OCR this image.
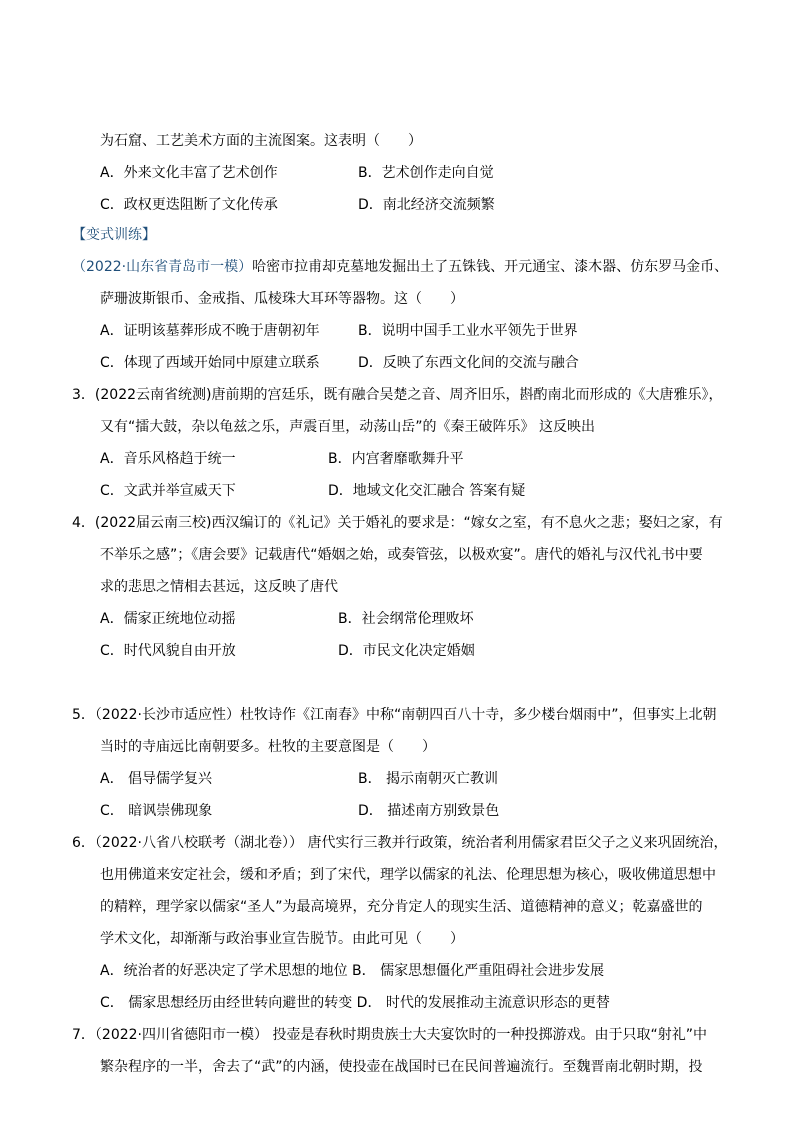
为石窟、工艺美术方面的主流图案。这表明（　　）
A．外来文化丰富了艺术创作	B．艺术创作走向自觉
C．政权更迭阻断了文化传承	D．南北经济交流频繁
【变式训练】
（2022·山东省青岛市一模）哈密市拉甫却克墓地发掘出土了五铢钱、开元通宝、漆木器、仿东罗马金币、
萨珊波斯银币、金戒指、瓜棱珠大耳环等器物。这（　　）
A．证明该墓葬形成不晚于唐朝初年	B．说明中国手工业水平领先于世界
C．体现了西域开始同中原建立联系	D．反映了东西文化间的交流与融合
3．(2022云南省统测)唐前期的宫廷乐，既有融合吴楚之音、周齐旧乐，斟酌南北而形成的《大唐雅乐》，
又有“擂大鼓，杂以龟兹之乐，声震百里，动荡山岳”的《秦王破阵乐》 这反映出
A．音乐风格趋于统一	B．内宫奢靡歌舞升平
C．文武并举宣威天下	D．地域文化交汇融合 答案有疑
4．(2022届云南三校)西汉编订的《礼记》关于婚礼的要求是：“嫁女之室，有不息火之悲；娶妇之家，有
不举乐之感”；《唐会要》记载唐代“婚姻之始，或奏管弦，以极欢宴”。唐代的婚礼与汉代礼书中要
求的悲思之情相去甚远，这反映了唐代
A．儒家正统地位动摇	B．社会纲常伦理败坏
C．时代风貌自由开放	D．市民文化决定婚姻
5．（2022·长沙市适应性）杜牧诗作《江南春》中称“南朝四百八十寺，多少楼台烟雨中”，但事实上北朝
当时的寺庙远比南朝要多。杜牧的主要意图是（　　）
A． 倡导儒学复兴	B． 揭示南朝灭亡教训
C． 暗讽崇佛现象	D． 描述南方别致景色
6．（2022·八省八校联考（湖北卷）） 唐代实行三教并行政策，统治者利用儒家君臣父子之义来巩固统治，
也用佛道来安定社会，缓和矛盾；到了宋代，理学以儒家的礼法、伦理思想为核心，吸收佛道思想中
的精粹，理学家以儒家“圣人”为最高境界，充分肯定人的现实生活、道德精神的意义；乾嘉盛世的
学术文化，却渐渐与政治事业宣告脱节。由此可见（　　）
A．统治者的好恶决定了学术思想的地位 B． 儒家思想僵化严重阻碍社会进步发展
C． 儒家思想经历由经世转向避世的转变 D． 时代的发展推动主流意识形态的更替
7．（2022·四川省德阳市一模） 投壶是春秋时期贵族士大夫宴饮时的一种投掷游戏。由于只取“射礼”中
繁杂程序的一半，舍去了“武”的内涵，使投壶在战国时已在民间普遍流行。至魏晋南北朝时期，投
